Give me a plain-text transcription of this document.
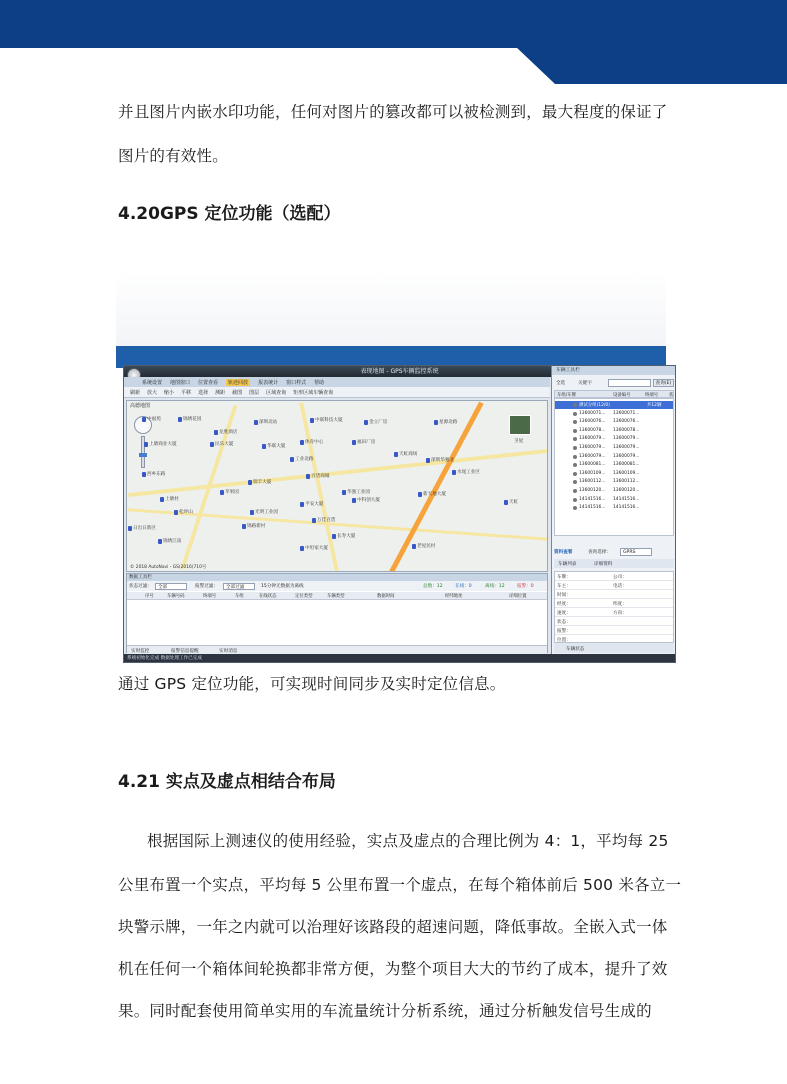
并且图片内嵌水印功能，任何对图片的篡改都可以被检测到，最大程度的保证了
图片的有效性。
4.20GPS 定位功能（选配）
表现地图 - GPS车辆监控系统
系统设置 地图窗口 位置查看	轨迹回放	报表统计 窗口样式 帮助
刷新 放大 缩小 平移 选择 测距 截图 图层 区域查询 矩形区域车辆查询
高德地图
卫星
中福苑	锦绣花园
深圳北站	中联科技大厦	金立厂房	星源北路
上塘商业大厦
龙胜酒店
民乐大厦	华联大厦
体育中心
工业北路
福田厂房
天虹商场
深圳华强北
西乡东路	水尾工业区
苹果园
瑞丰大厦
百货商城
华强工业园	新天地大厦
上塘村
松坪山
平安大厦
光明工业园
中科创大厦
万佳百货
锦路新村
日出日新区
锦绣江南
长寿大厦
老屋民村
中坦家大厦
天虹
© 2018 AutoNavi - GS(2016)710号
数据工具栏
状态过滤： 全部	报警过滤： 全部过滤	15分钟无数据为离线	总数：12	在线：0	离线：12	报警：0
序号	车辆号码	终端号	车组	在线状态	定位类型	车辆类型	数据时间	经纬地址	详细位置
实时监控	报警信息提醒	实时消息
系统初始化完成 数据处理工作已完成
车辆工具栏
全选	关键字	查询(E)
车组/车牌	设备编号	终端号 状
测试分组(12/0)	共12辆
13600071... 13600071...
13600076... 13600076...
13600078... 13600078...
13600079... 13600079...
13600079... 13600079...
13600079... 13600079...
13600081... 13600081...
13600109... 13600109...
13600112... 13600112...
13600120... 13600120...
14141516... 14141516...
14141516... 14141516...
资料查看	查询选择：	GPRS
车辆列表	详细资料
车牌：	公司：
车主：	电话：
时间：
经度：	纬度：
速度：	方向：
状态：
报警：
位置：
车辆状态
通过 GPS 定位功能，可实现时间同步及实时定位信息。
4.21 实点及虚点相结合布局
根据国际上测速仪的使用经验，实点及虚点的合理比例为 4：1，平均每 25
公里布置一个实点，平均每 5 公里布置一个虚点，在每个箱体前后 500 米各立一
块警示牌，一年之内就可以治理好该路段的超速问题，降低事故。全嵌入式一体
机在任何一个箱体间轮换都非常方便，为整个项目大大的节约了成本，提升了效
果。同时配套使用简单实用的车流量统计分析系统，通过分析触发信号生成的
